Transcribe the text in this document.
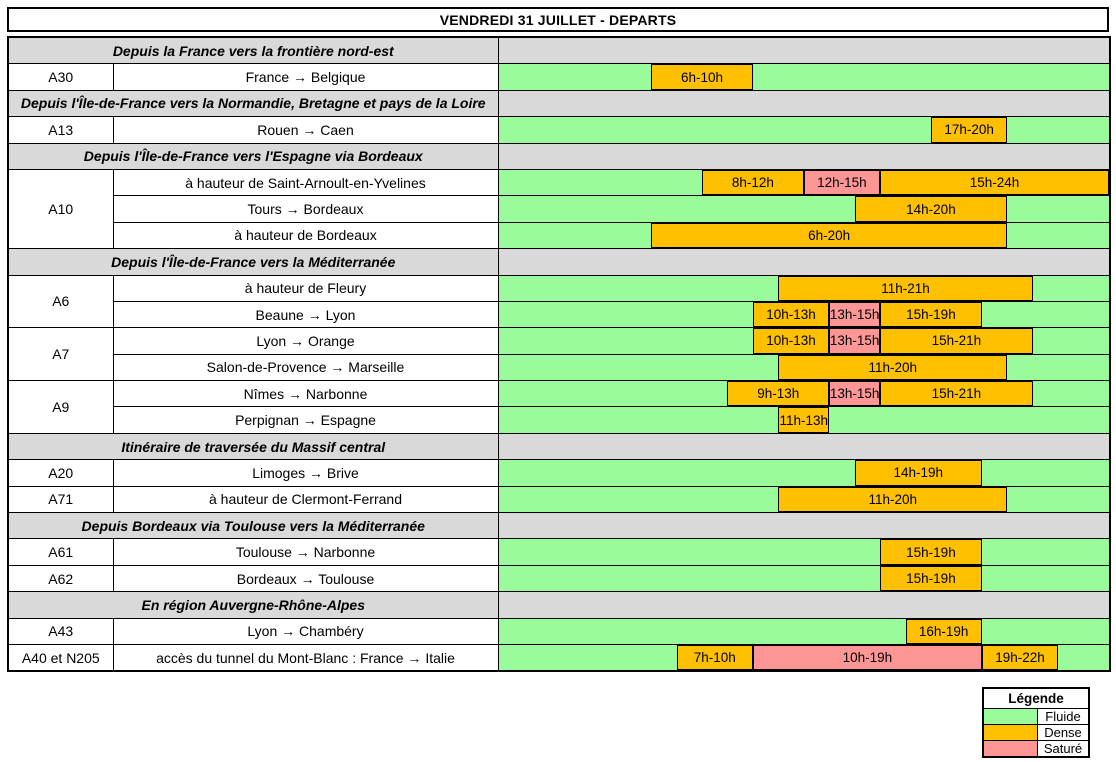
VENDREDI 31 JUILLET - DEPARTS
Depuis la France vers la frontière nord-est		
A30	France → Belgique	6h-10h

Depuis l'Île-de-France vers la Normandie, Bretagne et pays de la Loire		
A13	Rouen → Caen	17h-20h

Depuis l'Île-de-France vers l'Espagne via Bordeaux		
A10	à hauteur de Saint-Arnoult-en-Yvelines	8h-12h 12h-15h 15h-24h

	Tours → Bordeaux	14h-20h

	à hauteur de Bordeaux	6h-20h

Depuis l'Île-de-France vers la Méditerranée		
A6	à hauteur de Fleury	11h-21h

	Beaune → Lyon	10h-13h 13h-15h 15h-19h

A7	Lyon → Orange	10h-13h 13h-15h 15h-21h

	Salon-de-Provence → Marseille	11h-20h

A9	Nîmes → Narbonne	9h-13h 13h-15h 15h-21h

	Perpignan → Espagne	11h-13h

Itinéraire de traversée du Massif central		
A20	Limoges → Brive	14h-19h

A71	à hauteur de Clermont-Ferrand	11h-20h

Depuis Bordeaux via Toulouse vers la Méditerranée		
A61	Toulouse → Narbonne	15h-19h

A62	Bordeaux → Toulouse	15h-19h

En région Auvergne-Rhône-Alpes		
A43	Lyon → Chambéry	16h-19h

A40 et N205	accès du tunnel du Mont-Blanc : France → Italie	7h-10h 10h-19h 19h-22h
Légende	
	Fluide
	Dense
	Saturé
